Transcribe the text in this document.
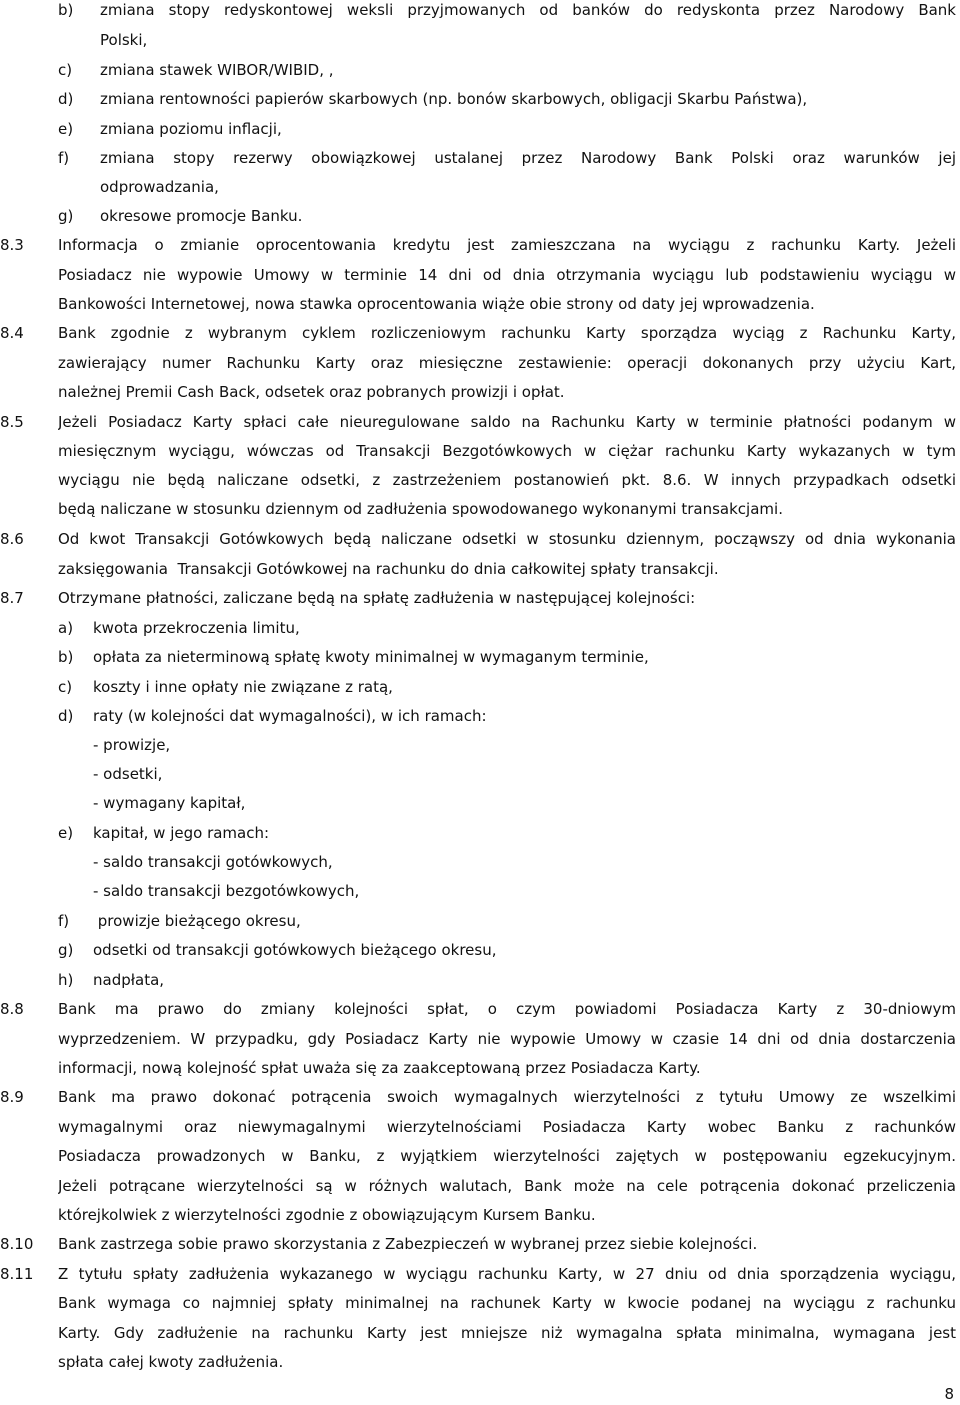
b) zmiana stopy redyskontowej weksli przyjmowanych od banków do redyskonta przez Narodowy Bank
Polski,
c) zmiana stawek WIBOR/WIBID, ,
d) zmiana rentowności papierów skarbowych (np. bonów skarbowych, obligacji Skarbu Państwa),
e) zmiana poziomu inflacji,
f) zmiana stopy rezerwy obowiązkowej ustalanej przez Narodowy Bank Polski oraz warunków jej
odprowadzania,
g) okresowe promocje Banku.
8.3 Informacja o zmianie oprocentowania kredytu jest zamieszczana na wyciągu z rachunku Karty. Jeżeli
Posiadacz nie wypowie Umowy w terminie 14 dni od dnia otrzymania wyciągu lub podstawieniu wyciągu w
Bankowości Internetowej, nowa stawka oprocentowania wiąże obie strony od daty jej wprowadzenia.
8.4 Bank zgodnie z wybranym cyklem rozliczeniowym rachunku Karty sporządza wyciąg z Rachunku Karty,
zawierający numer Rachunku Karty oraz miesięczne zestawienie: operacji dokonanych przy użyciu Kart,
należnej Premii Cash Back, odsetek oraz pobranych prowizji i opłat.
8.5 Jeżeli Posiadacz Karty spłaci całe nieuregulowane saldo na Rachunku Karty w terminie płatności podanym w
miesięcznym wyciągu, wówczas od Transakcji Bezgotówkowych w ciężar rachunku Karty wykazanych w tym
wyciągu nie będą naliczane odsetki, z zastrzeżeniem postanowień pkt. 8.6. W innych przypadkach odsetki
będą naliczane w stosunku dziennym od zadłużenia spowodowanego wykonanymi transakcjami.
8.6 Od kwot Transakcji Gotówkowych będą naliczane odsetki w stosunku dziennym, począwszy od dnia wykonania
zaksięgowania  Transakcji Gotówkowej na rachunku do dnia całkowitej spłaty transakcji.
8.7 Otrzymane płatności, zaliczane będą na spłatę zadłużenia w następującej kolejności:
a) kwota przekroczenia limitu,
b) opłata za nieterminową spłatę kwoty minimalnej w wymaganym terminie,
c) koszty i inne opłaty nie związane z ratą,
d) raty (w kolejności dat wymagalności), w ich ramach:
- prowizje,
- odsetki,
- wymagany kapitał,
e) kapitał, w jego ramach:
- saldo transakcji gotówkowych,
- saldo transakcji bezgotówkowych,
f) prowizje bieżącego okresu,
g) odsetki od transakcji gotówkowych bieżącego okresu,
h) nadpłata,
8.8 Bank ma prawo do zmiany kolejności spłat, o czym powiadomi Posiadacza Karty z 30-dniowym
wyprzedzeniem. W przypadku, gdy Posiadacz Karty nie wypowie Umowy w czasie 14 dni od dnia dostarczenia
informacji, nową kolejność spłat uważa się za zaakceptowaną przez Posiadacza Karty.
8.9 Bank ma prawo dokonać potrącenia swoich wymagalnych wierzytelności z tytułu Umowy ze wszelkimi
wymagalnymi oraz niewymagalnymi wierzytelnościami Posiadacza Karty wobec Banku z rachunków
Posiadacza prowadzonych w Banku, z wyjątkiem wierzytelności zajętych w postępowaniu egzekucyjnym.
Jeżeli potrącane wierzytelności są w różnych walutach, Bank może na cele potrącenia dokonać przeliczenia
którejkolwiek z wierzytelności zgodnie z obowiązującym Kursem Banku.
8.10 Bank zastrzega sobie prawo skorzystania z Zabezpieczeń w wybranej przez siebie kolejności.
8.11 Z tytułu spłaty zadłużenia wykazanego w wyciągu rachunku Karty, w 27 dniu od dnia sporządzenia wyciągu,
Bank wymaga co najmniej spłaty minimalnej na rachunek Karty w kwocie podanej na wyciągu z rachunku
Karty. Gdy zadłużenie na rachunku Karty jest mniejsze niż wymagalna spłata minimalna, wymagana jest
spłata całej kwoty zadłużenia.
8
